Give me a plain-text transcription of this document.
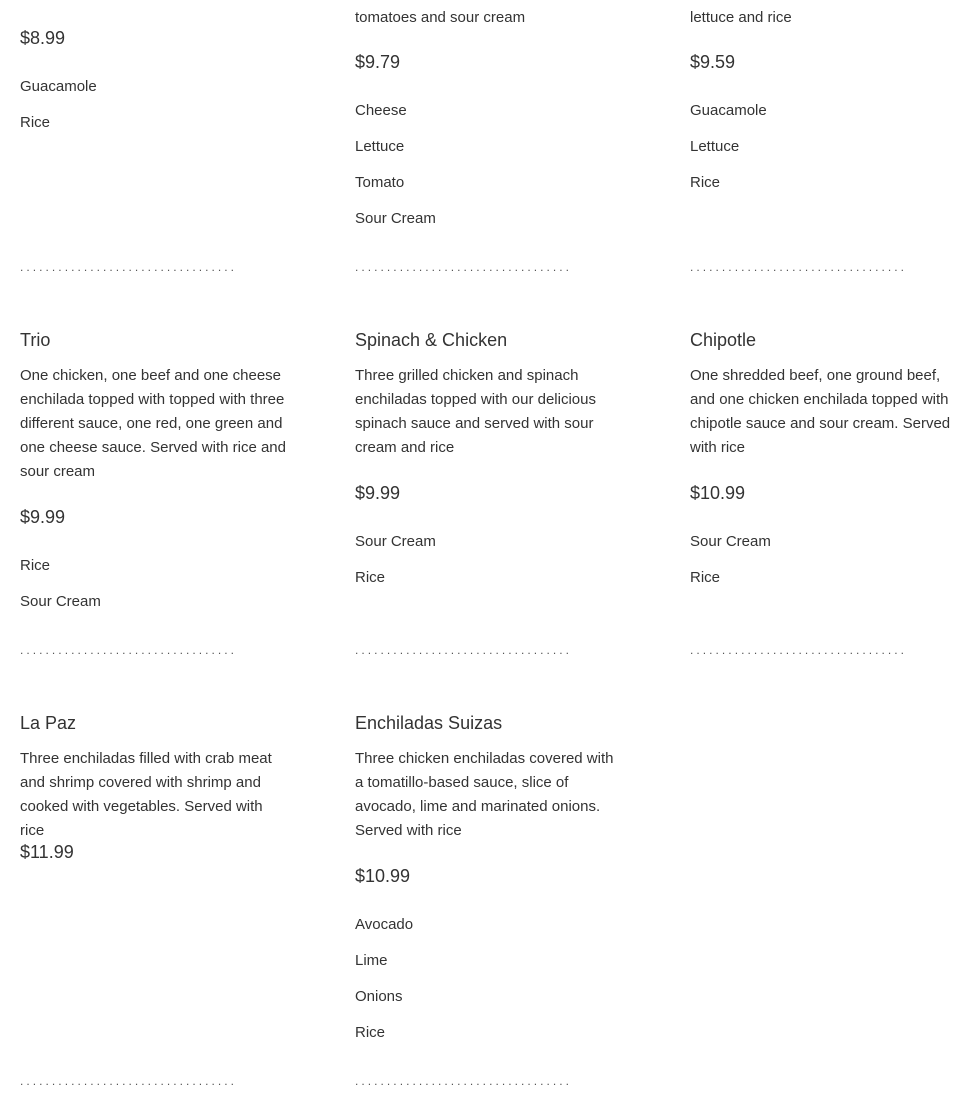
$8.99
Guacamole
Rice
tomatoes and sour cream
$9.79
Cheese
Lettuce
Tomato
Sour Cream
lettuce and rice
$9.59
Guacamole
Lettuce
Rice
..................................	..................................	..................................
Trio
One chicken, one beef and one cheese enchilada topped with topped with three different sauce, one red, one green and one cheese sauce. Served with rice and sour cream
$9.99
Rice
Sour Cream
Spinach & Chicken
Three grilled chicken and spinach enchiladas topped with our delicious spinach sauce and served with sour cream and rice
$9.99
Sour Cream
Rice
Chipotle
One shredded beef, one ground beef, and one chicken enchilada topped with chipotle sauce and sour cream. Served with rice
$10.99
Sour Cream
Rice
..................................	..................................	..................................
La Paz
Three enchiladas filled with crab meat and shrimp covered with shrimp and cooked with vegetables. Served with rice
$11.99
Enchiladas Suizas
Three chicken enchiladas covered with a tomatillo-based sauce, slice of avocado, lime and marinated onions. Served with rice
$10.99
Avocado
Lime
Onions
Rice
..................................	..................................
